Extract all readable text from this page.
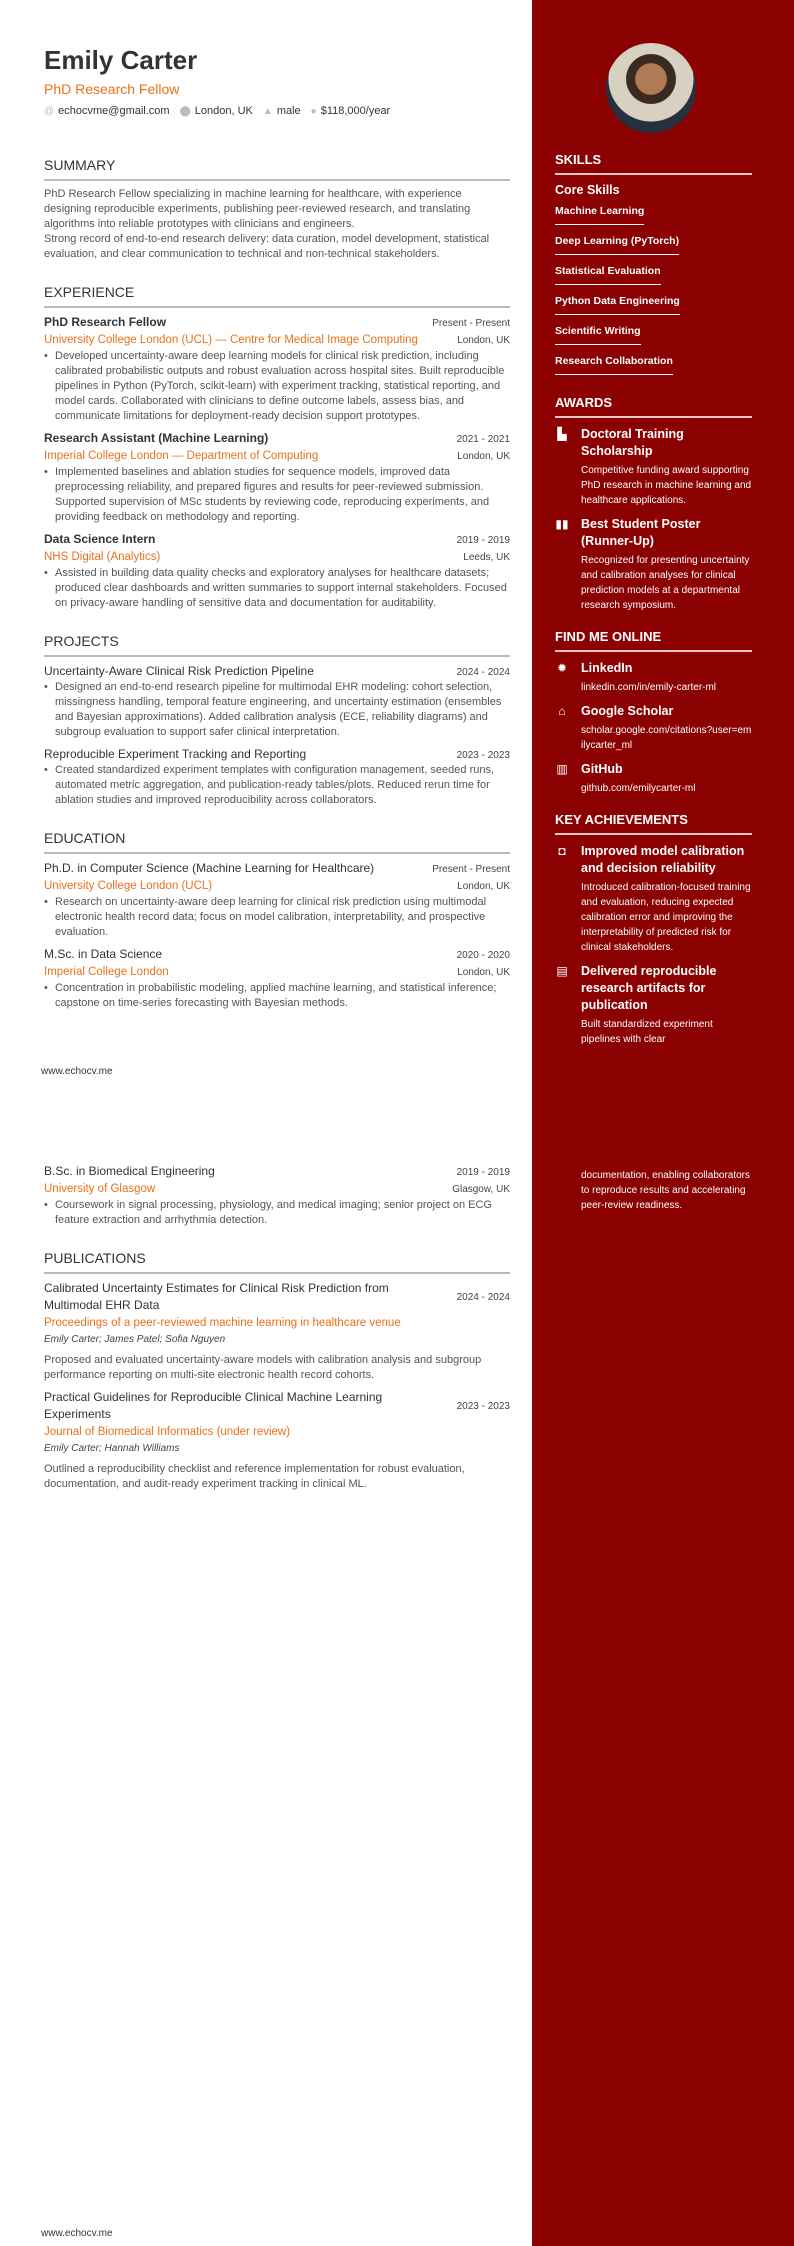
Emily Carter
PhD Research Fellow
@ echocvme@gmail.com ⬤ London, UK ▲ male ● $118,000/year
SUMMARY

PhD Research Fellow specializing in machine learning for healthcare, with experience designing reproducible experiments, publishing peer-reviewed research, and translating algorithms into reliable prototypes with clinicians and engineers.

Strong record of end-to-end research delivery: data curation, model development, statistical evaluation, and clear communication to technical and non-technical stakeholders.

EXPERIENCE
PhD Research Fellow	Present - Present
University College London (UCL) — Centre for Medical Image Computing	London, UK
• Developed uncertainty-aware deep learning models for clinical risk prediction, including calibrated probabilistic outputs and robust evaluation across hospital sites. Built reproducible pipelines in Python (PyTorch, scikit-learn) with experiment tracking, statistical reporting, and model cards. Collaborated with clinicians to define outcome labels, assess bias, and communicate limitations for deployment-ready decision support prototypes.
Research Assistant (Machine Learning)	2021 - 2021
Imperial College London — Department of Computing	London, UK
• Implemented baselines and ablation studies for sequence models, improved data preprocessing reliability, and prepared figures and results for peer-reviewed submission. Supported supervision of MSc students by reviewing code, reproducing experiments, and providing feedback on methodology and reporting.
Data Science Intern	2019 - 2019
NHS Digital (Analytics)	Leeds, UK
• Assisted in building data quality checks and exploratory analyses for healthcare datasets; produced clear dashboards and written summaries to support internal stakeholders. Focused on privacy-aware handling of sensitive data and documentation for auditability.
PROJECTS
Uncertainty-Aware Clinical Risk Prediction Pipeline	2024 - 2024
• Designed an end-to-end research pipeline for multimodal EHR modeling: cohort selection, missingness handling, temporal feature engineering, and uncertainty estimation (ensembles and Bayesian approximations). Added calibration analysis (ECE, reliability diagrams) and subgroup evaluation to support safer clinical interpretation.
Reproducible Experiment Tracking and Reporting	2023 - 2023
• Created standardized experiment templates with configuration management, seeded runs, automated metric aggregation, and publication-ready tables/plots. Reduced rerun time for ablation studies and improved reproducibility across collaborators.
EDUCATION
Ph.D. in Computer Science (Machine Learning for Healthcare)	Present - Present
University College London (UCL)	London, UK
• Research on uncertainty-aware deep learning for clinical risk prediction using multimodal electronic health record data; focus on model calibration, interpretability, and prospective evaluation.
M.Sc. in Data Science	2020 - 2020
Imperial College London	London, UK
• Concentration in probabilistic modeling, applied machine learning, and statistical inference; capstone on time-series forecasting with Bayesian methods.
www.echocv.me
SKILLS
Core Skills
Machine Learning
Deep Learning (PyTorch)
Statistical Evaluation
Python Data Engineering
Scientific Writing
Research Collaboration
AWARDS
▙ Doctoral Training Scholarship
Competitive funding award supporting PhD research in machine learning and healthcare applications.
▮▮ Best Student Poster (Runner-Up)
Recognized for presenting uncertainty and calibration analyses for clinical prediction models at a departmental research symposium.
FIND ME ONLINE
✹ LinkedIn
linkedin.com/in/emily-carter-ml
⌂ Google Scholar
scholar.google.com/citations?user=emilycarter_ml
▥ GitHub
github.com/emilycarter-ml
KEY ACHIEVEMENTS
◘ Improved model calibration and decision reliability
Introduced calibration-focused training and evaluation, reducing expected calibration error and improving the interpretability of predicted risk for clinical stakeholders.
▤ Delivered reproducible research artifacts for publication
Built standardized experiment pipelines with clear
B.Sc. in Biomedical Engineering	2019 - 2019
University of Glasgow	Glasgow, UK
• Coursework in signal processing, physiology, and medical imaging; senior project on ECG feature extraction and arrhythmia detection.
PUBLICATIONS
Calibrated Uncertainty Estimates for Clinical Risk Prediction from Multimodal EHR Data
2024 - 2024
Proceedings of a peer-reviewed machine learning in healthcare venue
Emily Carter; James Patel; Sofia Nguyen

Proposed and evaluated uncertainty-aware models with calibration analysis and subgroup performance reporting on multi-site electronic health record cohorts.

Practical Guidelines for Reproducible Clinical Machine Learning Experiments
2023 - 2023
Journal of Biomedical Informatics (under review)
Emily Carter; Hannah Williams

Outlined a reproducibility checklist and reference implementation for robust evaluation, documentation, and audit-ready experiment tracking in clinical ML.

documentation, enabling collaborators to reproduce results and accelerating peer-review readiness.
www.echocv.me
